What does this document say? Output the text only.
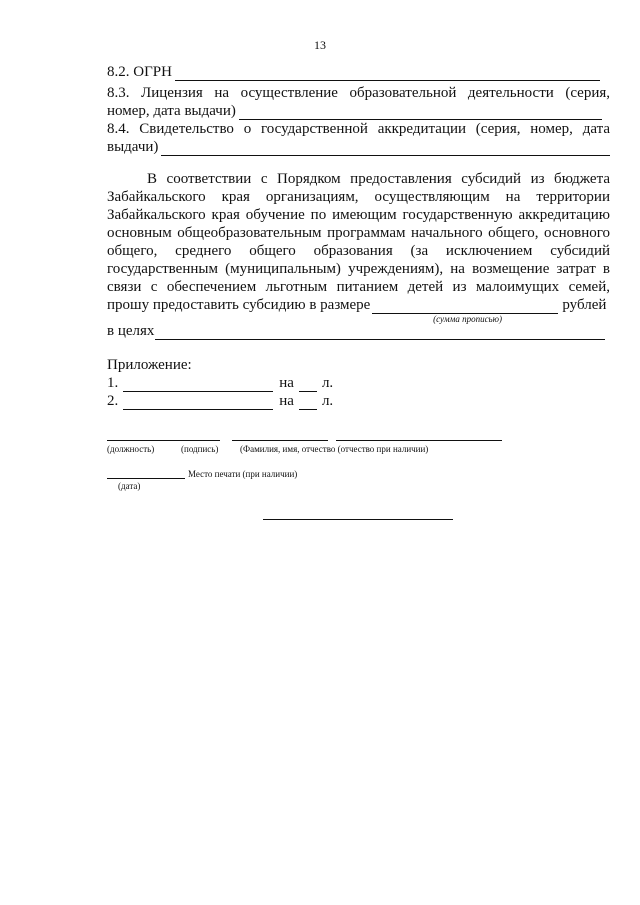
13
8.2. ОГРН
8.3. Лицензия на осуществление образовательной деятельности (серия,
номер, дата выдачи)
8.4. Свидетельство о государственной аккредитации (серия, номер, дата
выдачи)
В соответствии с Порядком предоставления субсидий из бюджета
Забайкальского края организациям, осуществляющим на территории
Забайкальского края обучение по имеющим государственную аккредитацию
основным общеобразовательным программам начального общего, основного
общего, среднего общего образования (за исключением субсидий
государственным (муниципальным) учреждениям), на возмещение затрат в
связи с обеспечением льготным питанием детей из малоимущих семей,
прошу предоставить субсидию в размере	рублей
(сумма прописью)
в целях
Приложение:
1.	на л.
2.	на л.
(должность)	(подпись) (Фамилия, имя, отчество (отчество при наличии)
Место печати (при наличии)
(дата)
